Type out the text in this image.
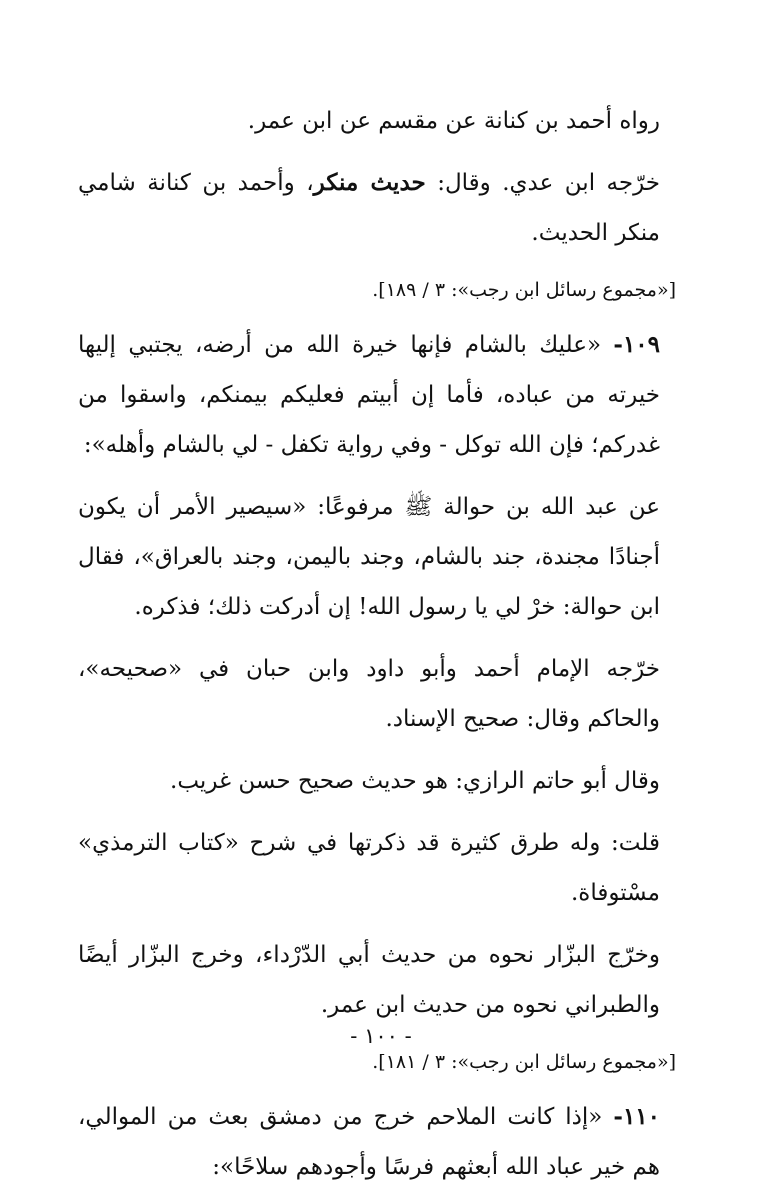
رواه أحمد بن كنانة عن مقسم عن ابن عمر.

خرّجه ابن عدي. وقال: حديث منكر، وأحمد بن كنانة شامي منكر الحديث.

[«مجموع رسائل ابن رجب»: ٣ / ١٨٩].

١٠٩- «عليك بالشام فإنها خيرة الله من أرضه، يجتبي إليها خيرته من عباده، فأما إن أبيتم فعليكم بيمنكم، واسقوا من غدركم؛ فإن الله توكل - وفي رواية تكفل - لي بالشام وأهله»:

عن عبد الله بن حوالة ﷺ مرفوعًا: «سيصير الأمر أن يكون أجنادًا مجندة، جند بالشام، وجند باليمن، وجند بالعراق»، فقال ابن حوالة: خرْ لي يا رسول الله! إن أدركت ذلك؛ فذكره.

خرّجه الإمام أحمد وأبو داود وابن حبان في «صحيحه»، والحاكم وقال: صحيح الإسناد.

وقال أبو حاتم الرازي: هو حديث صحيح حسن غريب.

قلت: وله طرق كثيرة قد ذكرتها في شرح «كتاب الترمذي» مسْتوفاة.

وخرّج البزّار نحوه من حديث أبي الدّرْداء، وخرج البزّار أيضًا والطبراني نحوه من حديث ابن عمر.

[«مجموع رسائل ابن رجب»: ٣ / ١٨١].

١١٠- «إذا كانت الملاحم خرج من دمشق بعث من الموالي، هم خير عباد الله أبعثهم فرسًا وأجودهم سلاحًا»:

- ١٠٠ -
